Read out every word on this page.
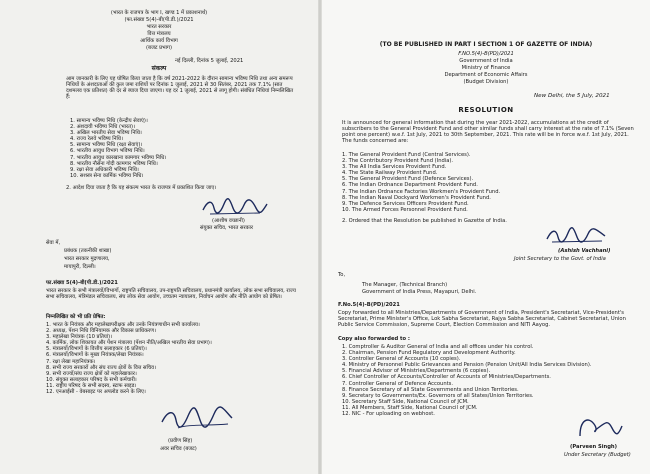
(भारत के राजपत्र के भाग I, खण्ड 1 में प्रकाशनार्थ)
(फा.संख्या 5(4)-बी(पी.डी.)/2021
भारत सरकार
वित्त मंत्रालय
आर्थिक कार्य विभाग
(बजट प्रभाग)
नई दिल्ली, दिनांक 5 जुलाई, 2021
संकल्प
आम जानकारी के लिए यह घोषित किया जाता है कि वर्ष 2021-2022 के दौरान सामान्य भविष्य निधि तथा अन्य समरूप निधियों के अंशदाताओं की कुल जमा राशियों पर दिनांक 1 जुलाई, 2021 से 30 सितंबर, 2021 तक 7.1% (सात दशमलव एक प्रतिशत) की दर से ब्याज दिया जाएगा। यह दर 1 जुलाई, 2021 से लागू होगी। संबंधित निधियां निम्नलिखित हैं:
1. सामान्य भविष्य निधि (केन्द्रीय सेवाएं)।
2. अंशदायी भविष्य निधि (भारत)।
3. अखिल भारतीय सेवा भविष्य निधि।
4. राज्य रेलवे भविष्य निधि।
5. सामान्य भविष्य निधि (रक्षा सेवाएं)।
6. भारतीय आयुध विभाग भविष्य निधि।
7. भारतीय आयुध कारखाना कामगार भविष्य निधि।
8. भारतीय नौसेना गोदी कामगार भविष्य निधि।
9. रक्षा सेवा अधिकारी भविष्य निधि।
10. सशस्त्र सेना कार्मिक भविष्य निधि।
2. आदेश दिया जाता है कि यह संकल्प भारत के राजपत्र में प्रकाशित किया जाए।
(आशीष वच्छानी)
संयुक्त सचिव, भारत सरकार
सेवा में,
प्रबंधक (तकनीकी शाखा)
भारत सरकार मुद्रणालय,
मायापुरी, दिल्ली।
फा.संख्या 5(4)-बी(पी.डी.)/2021
भारत सरकार के सभी मंत्रालयों/विभागों, राष्ट्रपति सचिवालय, उप-राष्ट्रपति सचिवालय, प्रधानमंत्री कार्यालय, लोक सभा सचिवालय, राज्य सभा सचिवालय, मंत्रिमंडल सचिवालय, संघ लोक सेवा आयोग, उच्चतम न्यायालय, निर्वाचन आयोग और नीति आयोग को प्रेषित।
निम्नलिखित को भी प्रति प्रेषित:
1. भारत के नियंत्रक और महालेखापरीक्षक और उनके नियंत्रणाधीन सभी कार्यालय।
2. अध्यक्ष, पेंशन निधि विनियामक और विकास प्राधिकरण।
3. महालेखा नियंत्रक (10 प्रतियां)।
4. कार्मिक, लोक शिकायत और पेंशन मंत्रालय (पेंशन नीति/अखिल भारतीय सेवा प्रभाग)।
5. मंत्रालयों/विभागों के वित्तीय सलाहकार (6 प्रतियां)।
6. मंत्रालयों/विभागों के मुख्य नियंत्रक/लेखा नियंत्रक।
7. रक्षा लेखा महानियंत्रक।
8. सभी राज्य सरकारों और संघ राज्य क्षेत्रों के वित्त सचिव।
9. सभी राज्यों/संघ राज्य क्षेत्रों को महालेखाकार।
10. संयुक्त सलाहकार परिषद के सभी कर्मचारी।
11. राष्ट्रीय परिषद के सभी सदस्य, स्टाफ साइड।
12. एनआईसी - वेबसाइट पर अपलोड करने के लिए।
(प्रवीण सिंह)
अवर सचिव (बजट)
(TO BE PUBLISHED IN PART I SECTION 1 OF GAZETTE OF INDIA)
F.NO.5(4)-B(PD)/2021
Government of India
Ministry of Finance
Department of Economic Affairs
(Budget Division)
New Delhi, the 5 July, 2021
RESOLUTION
It is announced for general information that during the year 2021-2022, accumulations at the credit of subscribers to the General Provident Fund and other similar funds shall carry interest at the rate of 7.1% (Seven point one percent) w.e.f. 1st July, 2021 to 30th September, 2021. This rate will be in force w.e.f. 1st July, 2021. The funds concerned are:
1. The General Provident Fund (Central Services).
2. The Contributory Provident Fund (India).
3. The All India Services Provident Fund.
4. The State Railway Provident Fund.
5. The General Provident Fund (Defence Services).
6. The Indian Ordnance Department Provident Fund.
7. The Indian Ordnance Factories Workmen's Provident Fund.
8. The Indian Naval Dockyard Workmen's Provident Fund.
9. The Defence Services Officers Provident Fund.
10. The Armed Forces Personnel Provident Fund.
2. Ordered that the Resolution be published in Gazette of India.
(Ashish Vachhani)
Joint Secretary to the Govt. of India
To,
The Manager, (Technical Branch)
Government of India Press, Mayapuri, Delhi.
F.No.5(4)-B(PD)/2021
Copy forwarded to all Ministries/Departments of Government of India, President's Secretariat, Vice-President's Secretariat, Prime Minister's Office, Lok Sabha Secretariat, Rajya Sabha Secretariat, Cabinet Secretariat, Union Public Service Commission, Supreme Court, Election Commission and NITI Aayog.
Copy also forwarded to :
1. Comptroller & Auditor General of India and all offices under his control.
2. Chairman, Pension Fund Regulatory and Development Authority.
3. Controller General of Accounts (10 copies).
4. Ministry of Personnel Public Grievances and Pension (Pension Unit/All India Services Division).
5. Financial Advisor of Ministries/Departments (6 copies).
6. Chief Controller of Accounts/Controller of Accounts of Ministries/Departments.
7. Controller General of Defence Accounts.
8. Finance Secretary of all State Governments and Union Territories.
9. Secretary to Governments/Ex. Governors of all States/Union Territories.
10. Secretary Staff Side, National Council of JCM.
11. All Members, Staff Side, National Council of JCM.
12. NIC - For uploading on webhost.
(Parveen Singh)
Under Secretary (Budget)
